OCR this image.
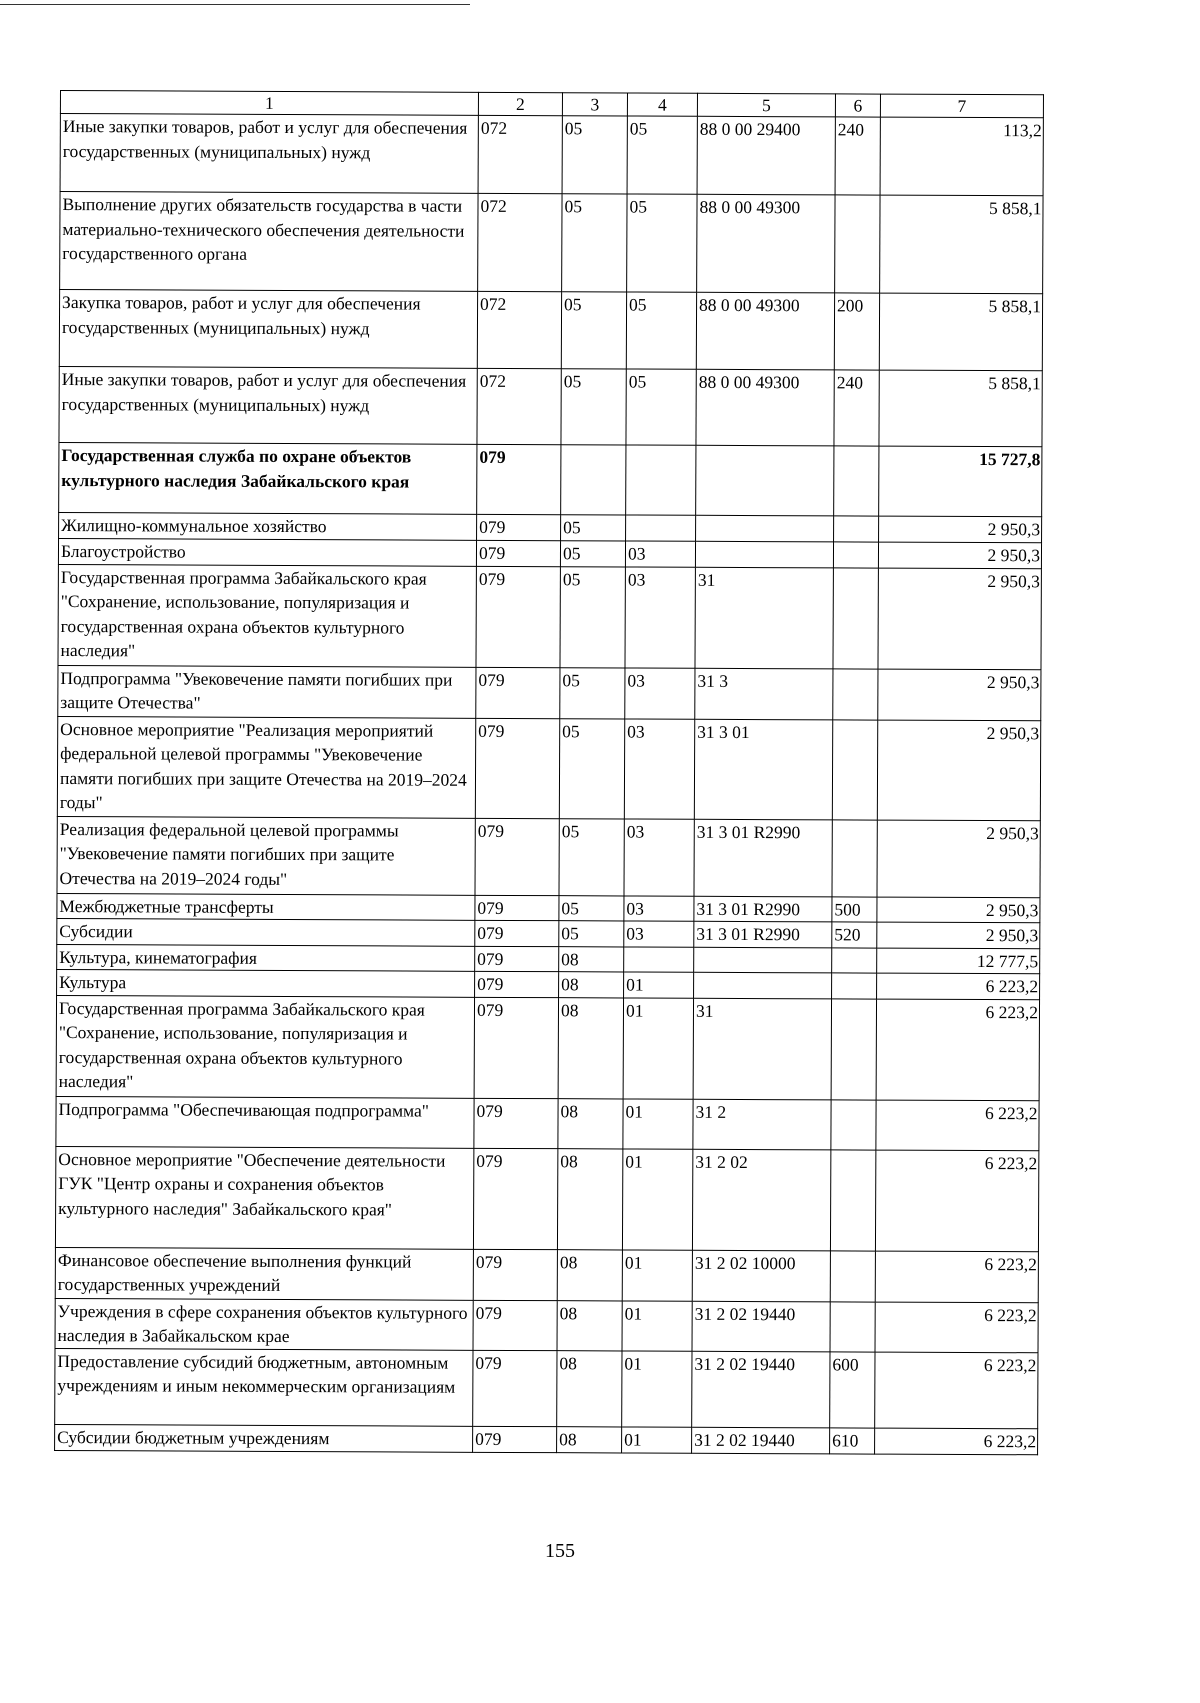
1	2	3	4	5	6	7
Иные закупки товаров, работ и услуг для обеспечения государственных (муниципальных) нужд	072	05	05	88 0 00 29400	240	113,2
Выполнение других обязательств государства в части материально-технического обеспечения деятельности государственного органа	072	05	05	88 0 00 49300		5 858,1
Закупка товаров, работ и услуг для обеспечения государственных (муниципальных) нужд	072	05	05	88 0 00 49300	200	5 858,1
Иные закупки товаров, работ и услуг для обеспечения государственных (муниципальных) нужд	072	05	05	88 0 00 49300	240	5 858,1
Государственная служба по охране объектов культурного наследия Забайкальского края	079					15 727,8
Жилищно-коммунальное хозяйство	079	05				2 950,3
Благоустройство	079	05	03			2 950,3
Государственная программа Забайкальского края "Сохранение, использование, популяризация и государственная охрана объектов культурного наследия"	079	05	03	31		2 950,3
Подпрограмма "Увековечение памяти погибших при защите Отечества"	079	05	03	31 3		2 950,3
Основное мероприятие "Реализация мероприятий федеральной целевой программы "Увековечение памяти погибших при защите Отечества на 2019–2024 годы"	079	05	03	31 3 01		2 950,3
Реализация федеральной целевой программы "Увековечение памяти погибших при защите Отечества на 2019–2024 годы"	079	05	03	31 3 01 R2990		2 950,3
Межбюджетные трансферты	079	05	03	31 3 01 R2990	500	2 950,3
Субсидии	079	05	03	31 3 01 R2990	520	2 950,3
Культура, кинематография	079	08				12 777,5
Культура	079	08	01			6 223,2
Государственная программа Забайкальского края "Сохранение, использование, популяризация и государственная охрана объектов культурного наследия"	079	08	01	31		6 223,2
Подпрограмма "Обеспечивающая подпрограмма"	079	08	01	31 2		6 223,2
Основное мероприятие "Обеспечение деятельности ГУК "Центр охраны и сохранения объектов культурного наследия" Забайкальского края"	079	08	01	31 2 02		6 223,2
Финансовое обеспечение выполнения функций государственных учреждений	079	08	01	31 2 02 10000		6 223,2
Учреждения в сфере сохранения объектов культурного наследия в Забайкальском крае	079	08	01	31 2 02 19440		6 223,2
Предоставление субсидий бюджетным, автономным учреждениям и иным некоммерческим организациям	079	08	01	31 2 02 19440	600	6 223,2
Субсидии бюджетным учреждениям	079	08	01	31 2 02 19440	610	6 223,2
155
